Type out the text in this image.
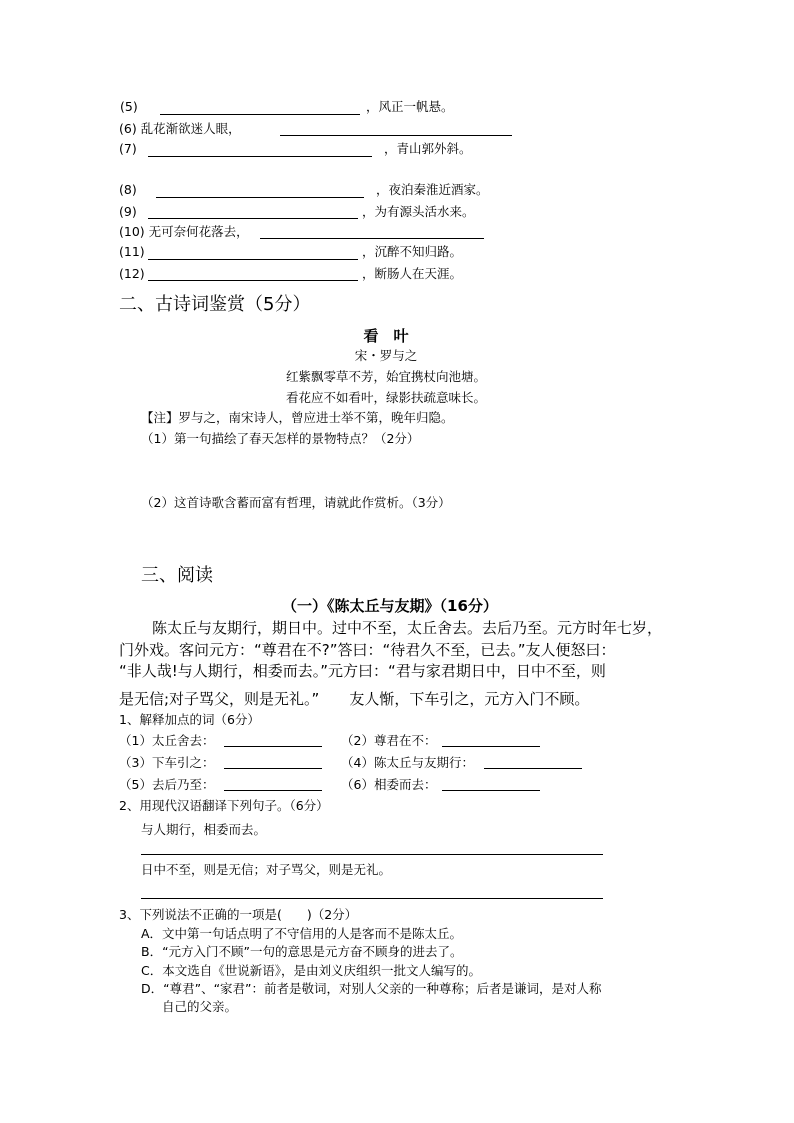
(5)	，风正一帆悬。
(6) 乱花渐欲迷人眼，
(7)	，青山郭外斜。
(8)	，夜泊秦淮近酒家。
(9)	，为有源头活水来。
(10) 无可奈何花落去，
(11)	，沉醉不知归路。
(12)	，断肠人在天涯。
二、古诗词鉴赏（5分）
看　叶
宋・罗与之
红紫飘零草不芳，始宜携杖向池塘。
看花应不如看叶，绿影扶疏意味长。
【注】罗与之，南宋诗人，曾应进士举不第，晚年归隐。
（1）第一句描绘了春天怎样的景物特点？（2分）
（2）这首诗歌含蓄而富有哲理，请就此作赏析。（3分）
三、阅读
（一）《陈太丘与友期》（16分）
陈太丘与友期行，期日中。过中不至，太丘舍去。去后乃至。元方时年七岁，
门外戏。客问元方：“尊君在不?”答曰：“待君久不至，已去。”友人便怒曰：
“非人哉!与人期行，相委而去。”元方曰：“君与家君期日中，日中不至，则
是无信;对子骂父，则是无礼。”　　友人惭，下车引之，元方入门不顾。
1、解释加点的词（6分）
（1）太丘舍去：	（2）尊君在不：
（3）下车引之：	（4）陈太丘与友期行：
（5）去后乃至：	（6）相委而去：
2、用现代汉语翻译下列句子。（6分）
与人期行，相委而去。
日中不至，则是无信；对子骂父，则是无礼。
3、下列说法不正确的一项是(　　)（2分）
A．文中第一句话点明了不守信用的人是客而不是陈太丘。
B．“元方入门不顾”一句的意思是元方奋不顾身的进去了。
C．本文选自《世说新语》，是由刘义庆组织一批文人编写的。
D．“尊君”、“家君”：前者是敬词，对别人父亲的一种尊称；后者是谦词，是对人称
自己的父亲。
